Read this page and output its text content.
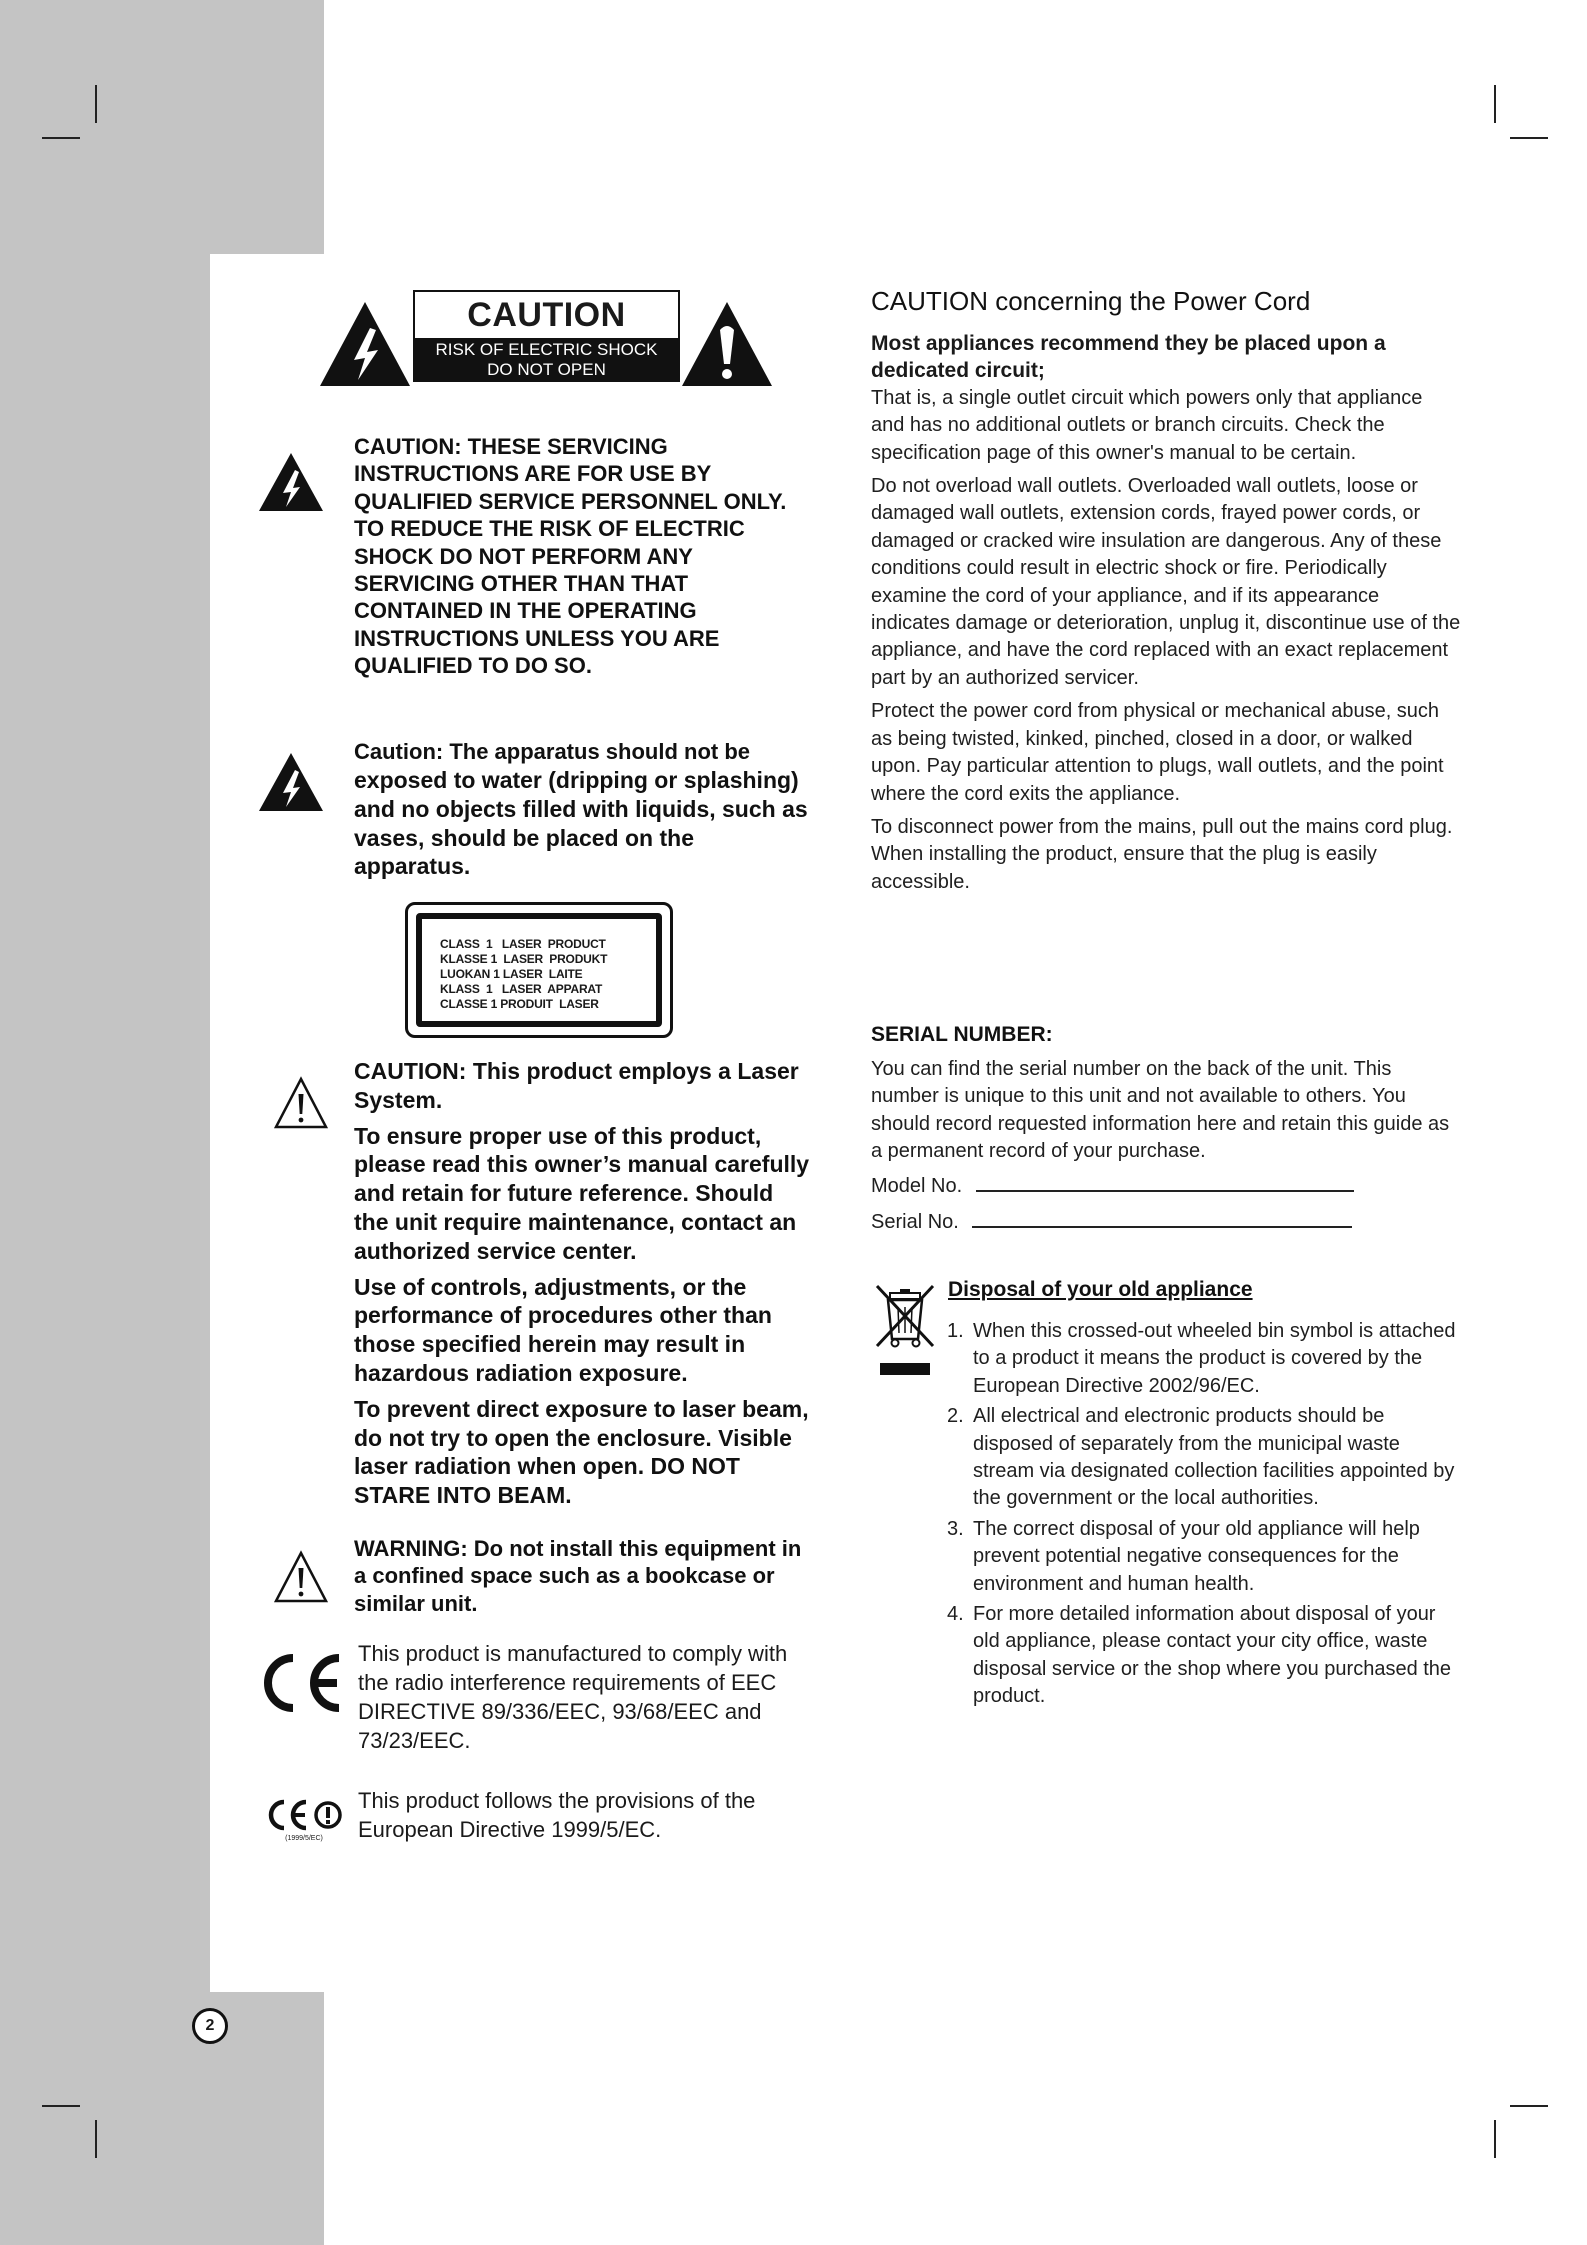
CAUTION
RISK OF ELECTRIC SHOCK
DO NOT OPEN
CAUTION: THESE SERVICING
INSTRUCTIONS ARE FOR USE BY
QUALIFIED SERVICE PERSONNEL ONLY.
TO REDUCE THE RISK OF ELECTRIC
SHOCK DO NOT PERFORM ANY
SERVICING OTHER THAN THAT
CONTAINED IN THE OPERATING
INSTRUCTIONS UNLESS YOU ARE
QUALIFIED TO DO SO.
Caution: The apparatus should not be
exposed to water (dripping or splashing)
and no objects filled with liquids, such as
vases, should be placed on the
apparatus.
CLASS  1   LASER  PRODUCT
KLASSE 1  LASER  PRODUKT
LUOKAN 1 LASER  LAITE
KLASS  1   LASER  APPARAT
CLASSE 1 PRODUIT  LASER
CAUTION: This product employs a Laser
System.
To ensure proper use of this product,
please read this owner’s manual carefully
and retain for future reference. Should
the unit require maintenance, contact an
authorized service center.
Use of controls, adjustments, or the
performance of procedures other than
those specified herein may result in
hazardous radiation exposure.
To prevent direct exposure to laser beam,
do not try to open the enclosure. Visible
laser radiation when open. DO NOT
STARE INTO BEAM.
WARNING: Do not install this equipment in
a confined space such as a bookcase or
similar unit.
This product is manufactured to comply with
the radio interference requirements of EEC
DIRECTIVE 89/336/EEC, 93/68/EEC and
73/23/EEC.
(1999/5/EC)
This product follows the provisions of the
European Directive 1999/5/EC.
CAUTION concerning the Power Cord

Most appliances recommend they be placed upon a dedicated circuit;

That is, a single outlet circuit which powers only that appliance and has no additional outlets or branch circuits. Check the specification page of this owner's manual to be certain.

Do not overload wall outlets. Overloaded wall outlets, loose or damaged wall outlets, extension cords, frayed power cords, or damaged or cracked wire insulation are dangerous. Any of these conditions could result in electric shock or fire. Periodically examine the cord of your appliance, and if its appearance indicates damage or deterioration, unplug it, discontinue use of the appliance, and have the cord replaced with an exact replacement part by an authorized servicer.

Protect the power cord from physical or mechanical abuse, such as being twisted, kinked, pinched, closed in a door, or walked upon. Pay particular attention to plugs, wall outlets, and the point where the cord exits the appliance.

To disconnect power from the mains, pull out the mains cord plug. When installing the product, ensure that the plug is easily accessible.

SERIAL NUMBER:
You can find the serial number on the back of the unit. This number is unique to this unit and not available to others. You should record requested information here and retain this guide as a permanent record of your purchase.
Model No.
Serial No.
Disposal of your old appliance
1. When this crossed-out wheeled bin symbol is attached to a product it means the product is covered by the European Directive 2002/96/EC.
2. All electrical and electronic products should be disposed of separately from the municipal waste stream via designated collection facilities appointed by the government or the local authorities.
3. The correct disposal of your old appliance will help prevent potential negative consequences for the environment and human health.
4. For more detailed information about disposal of your old appliance, please contact your city office, waste disposal service or the shop where you purchased the product.
2
